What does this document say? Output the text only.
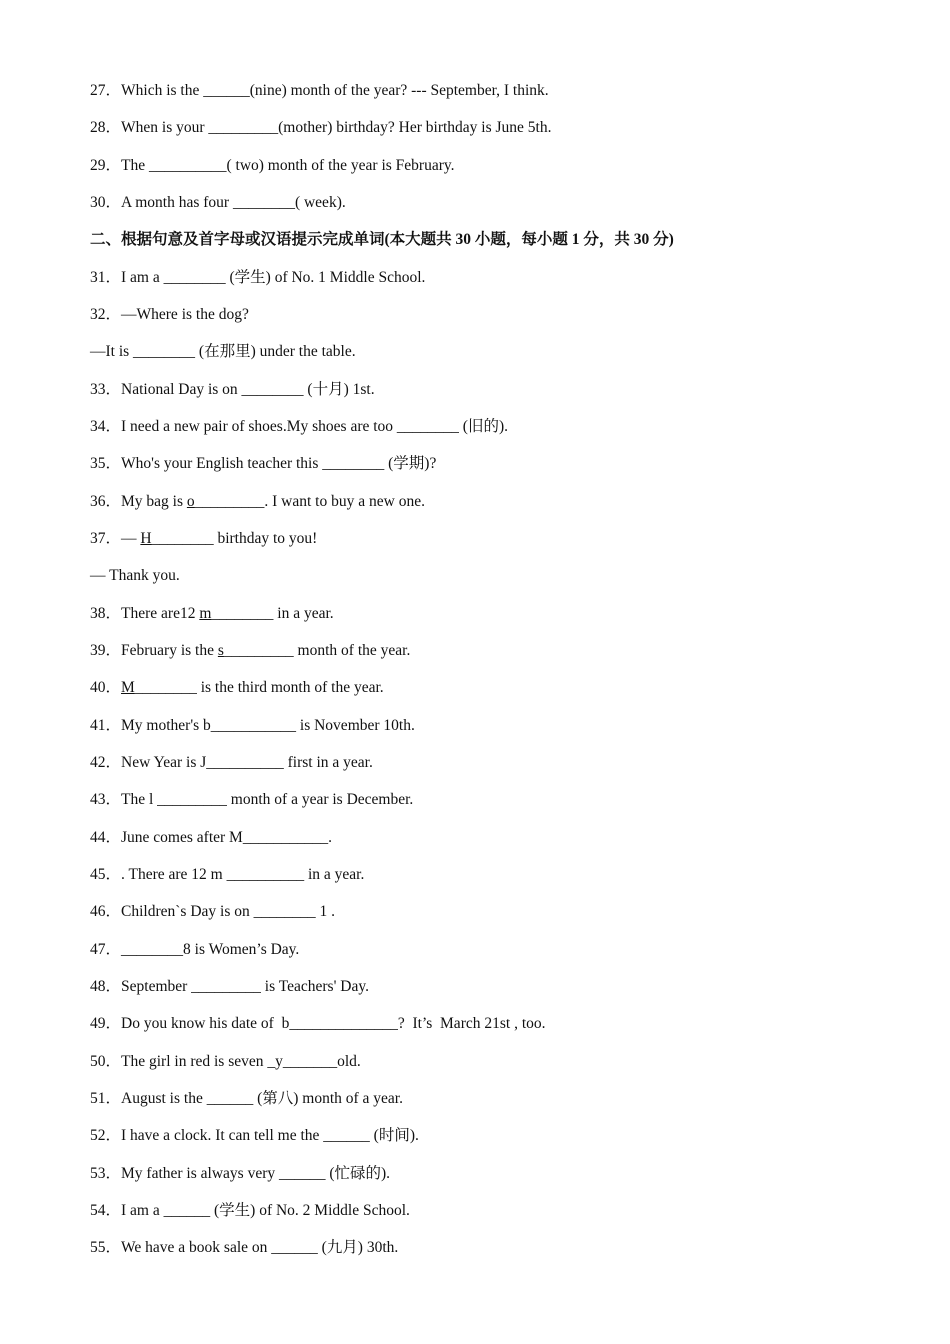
27．Which is the ______(nine) month of the year? --- September, I think.
28．When is your _________(mother) birthday? Her birthday is June 5th.
29．The __________( two) month of the year is February.
30．A month has four ________( week).
二、根据句意及首字母或汉语提示完成单词(本大题共 30 小题，每小题 1 分，共 30 分)
31．I am a ________ (学生) of No. 1 Middle School.
32．—Where is the dog?
—It is ________ (在那里) under the table.
33．National Day is on ________ (十月) 1st.
34．I need a new pair of shoes.My shoes are too ________ (旧的).
35．Who's your English teacher this ________ (学期)?
36．My bag is o_________. I want to buy a new one.
37．— H________ birthday to you!
— Thank you.
38．There are12 m________ in a year.
39．February is the s_________ month of the year.
40．M________ is the third month of the year.
41．My mother's b___________ is November 10th.
42．New Year is J__________ first in a year.
43．The l _________ month of a year is December.
44．June comes after M___________.
45．. There are 12 m __________ in a year.
46．Children`s Day is on ________ 1 .
47．________8 is Women’s Day.
48．September _________ is Teachers' Day.
49．Do you know his date of  b______________?  It’s  March 21st , too.
50．The girl in red is seven _y_______old.
51．August is the ______ (第八) month of a year.
52．I have a clock. It can tell me the ______ (时间).
53．My father is always very ______ (忙碌的).
54．I am a ______ (学生) of No. 2 Middle School.
55．We have a book sale on ______ (九月) 30th.
